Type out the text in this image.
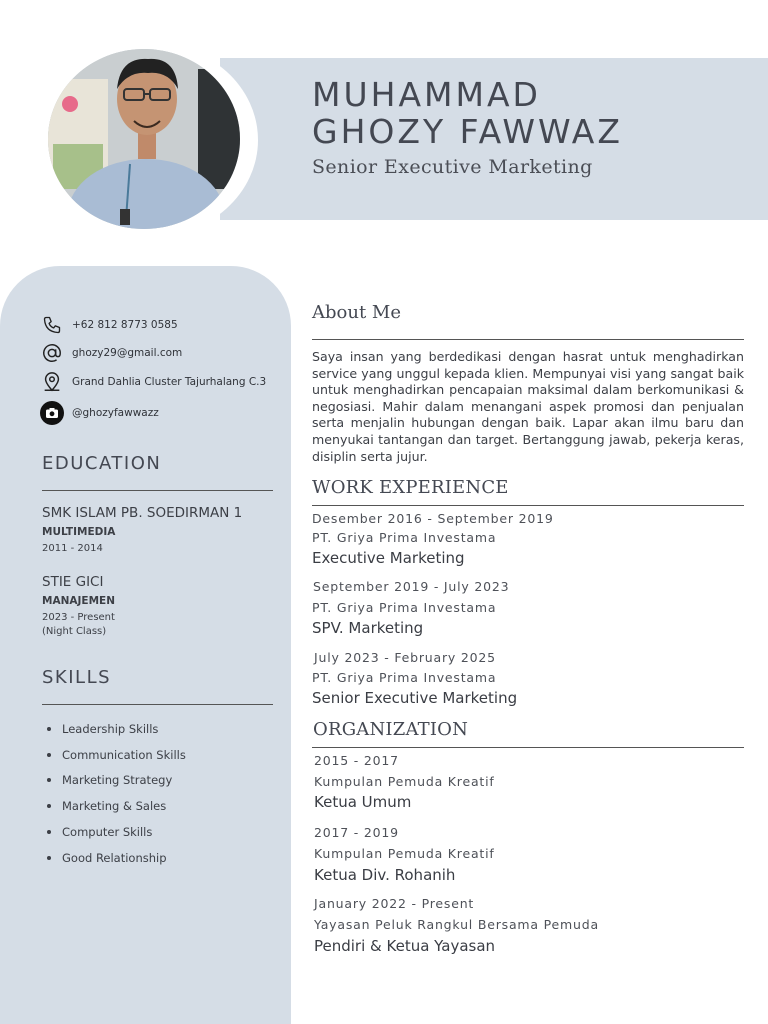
MUHAMMAD
GHOZY FAWWAZ
Senior Executive Marketing
+62 812 8773 0585
ghozy29@gmail.com
Grand Dahlia Cluster Tajurhalang C.3
@ghozyfawwazz
EDUCATION
SMK ISLAM PB. SOEDIRMAN 1
MULTIMEDIA
2011 - 2014
STIE GICI
MANAJEMEN
2023 - Present
(Night Class)
SKILLS
Leadership Skills
Communication Skills
Marketing Strategy
Marketing & Sales
Computer Skills
Good Relationship
About Me

Saya insan yang berdedikasi dengan hasrat untuk menghadirkan service yang unggul kepada klien. Mempunyai visi yang sangat baik untuk menghadirkan pencapaian maksimal dalam berkomunikasi & negosiasi. Mahir dalam menangani aspek promosi dan penjualan serta menjalin hubungan dengan baik. Lapar akan ilmu baru dan menyukai tantangan dan target. Bertanggung jawab, pekerja keras, disiplin serta jujur.

WORK EXPERIENCE
Desember 2016 - September 2019
PT. Griya Prima Investama
Executive Marketing
September 2019 - July 2023
PT. Griya Prima Investama
SPV. Marketing
July 2023 - February 2025
PT. Griya Prima Investama
Senior Executive Marketing
ORGANIZATION
2015 - 2017
Kumpulan Pemuda Kreatif
Ketua Umum
2017 - 2019
Kumpulan Pemuda Kreatif
Ketua Div. Rohanih
January 2022 - Present
Yayasan Peluk Rangkul Bersama Pemuda
Pendiri & Ketua Yayasan
